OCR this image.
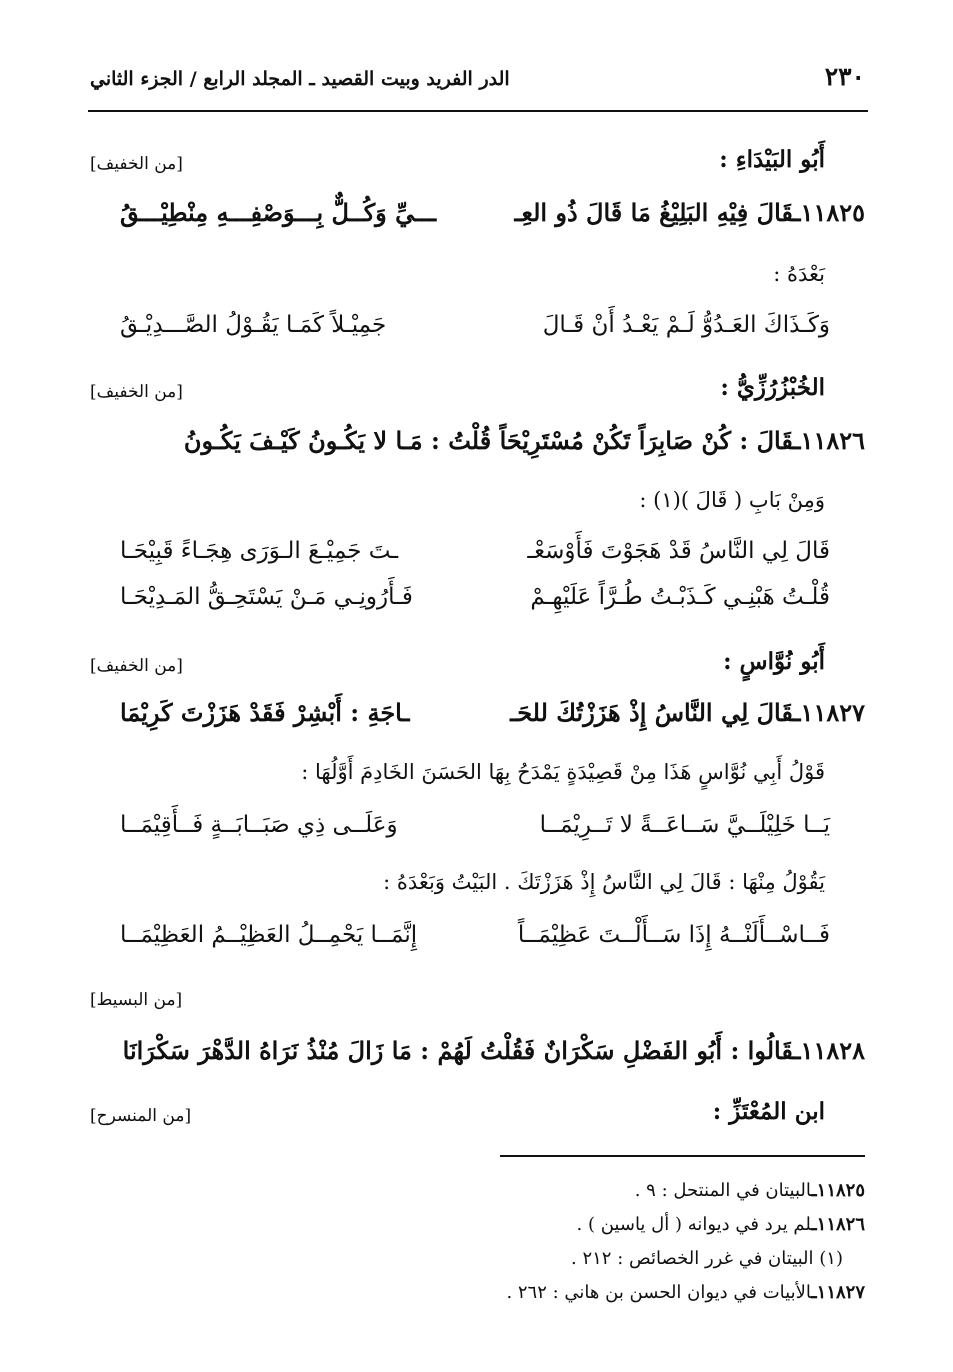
٢٣٠
الدر الفريد وبيت القصيد ـ المجلد الرابع / الجزء الثاني
أَبُو البَيْدَاءِ :
[من الخفيف]
١١٨٢٥ـقَالَ فِيْهِ البَلِيْغُ مَا قَالَ ذُو العِـ
ـــيِّ وَكُــلٌّ بِـــوَصْفِـــهِ مِنْطِيْـــقُ
بَعْدَهُ :
وَكَـذَاكَ العَـدُوُّ لَـمْ يَعْـدُ أَنْ قَـالَ
جَمِيْـلاً كَمَـا يَقُـوْلُ الصَّـــدِيْـقُ
الخُبْزُرُزِّيُّ :
[من الخفيف]
١١٨٢٦ـقَالَ : كُنْ صَابِرَاً تَكُنْ مُسْتَرِيْحَاً قُلْتُ : مَـا لا يَكُـونُ كَيْـفَ يَكُـونُ
وَمِنْ بَابِ ( قَالَ )(١) :
قَالَ لِي النَّاسُ قَدْ هَجَوْتَ فَأَوْسَعْـ
ـتَ جَمِيْـعَ الـوَرَى هِجَـاءً قَبِيْحَـا
قُلْـتُ هَبْنِـي كَـذَبْـتُ طُـرَّاً عَلَيْهِـمْ
فَـأَرُونِـي مَـنْ يَسْتَحِـقُّ المَـدِيْحَـا
أَبُو نُوَّاسٍ :
[من الخفيف]
١١٨٢٧ـقَالَ لِي النَّاسُ إِذْ هَزَزْتُكَ للحَـ
ـاجَةِ : أَبْشِرْ فَقَدْ هَزَزْتَ كَرِيْمَا
قَوْلُ أَبِي نُوَّاسٍ هَذَا مِنْ قَصِيْدَةٍ يَمْدَحُ بِهَا الحَسَنَ الخَادِمَ أَوَّلُهَا :
يَــا خَلِيْلَــيَّ سَــاعَــةً لا تَــرِيْمَــا
وَعَلَــى ذِي صَبَــابَــةٍ فَــأَقِيْمَــا
يَقُوْلُ مِنْهَا : قَالَ لِي النَّاسُ إِذْ هَزَزْتَكَ . البَيْتُ وَبَعْدَهُ :
فَــاسْــأَلَنْــهُ إِذَا سَــأَلْــتَ عَظِيْمَــاً
إِنَّمَــا يَحْمِــلُ العَظِيْــمُ العَظِيْمَــا
[من البسيط]
١١٨٢٨ـقَالُوا : أَبُو الفَضْلِ سَكْرَانٌ فَقُلْتُ لَهُمْ : مَا زَالَ مُنْذُ نَرَاهُ الدَّهْرَ سَكْرَانَا
ابن المُعْتَزِّ :
[من المنسرح]
١١٨٢٥ـالبيتان في المنتحل : ٩ .
١١٨٢٦ـلم يرد في ديوانه ( أل ياسين ) .
(١) البيتان في غرر الخصائص : ٢١٢ .
١١٨٢٧ـالأبيات في ديوان الحسن بن هاني : ٢٦٢ .
